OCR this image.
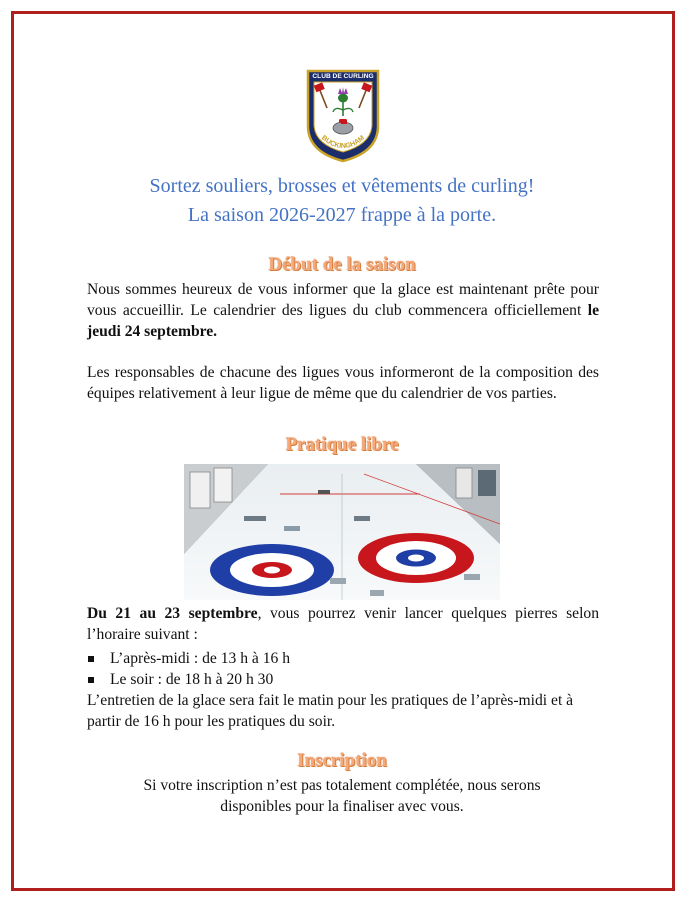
CLUB DE CURLING
BUCKINGHAM
Sortez souliers, brosses et vêtements de curling!
La saison 2026-2027 frappe à la porte.
Début de la saison
Nous sommes heureux de vous informer que la glace est maintenant prête pour vous accueillir. Le calendrier des ligues du club commencera officiellement le jeudi 24 septembre.
Les responsables de chacune des ligues vous informeront de la composition des équipes relativement à leur ligue de même que du calendrier de vos parties.
Pratique libre
Du 21 au 23 septembre, vous pourrez venir lancer quelques pierres selon l’horaire suivant :
L’après-midi : de 13 h à 16 h
Le soir : de 18 h à 20 h 30
L’entretien de la glace sera fait le matin pour les pratiques de l’après-midi et à partir de 16 h pour les pratiques du soir.
Inscription
Si votre inscription n’est pas totalement complétée, nous serons
disponibles pour la finaliser avec vous.
